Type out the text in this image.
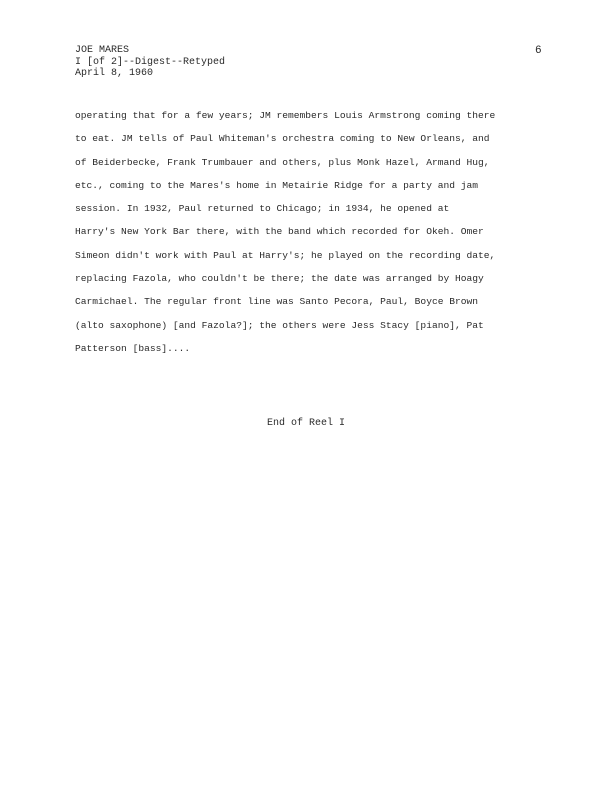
JOE MARES
I [of 2]--Digest--Retyped
April 8, 1960
6
operating that for a few years; JM remembers Louis Armstrong coming there
to eat. JM tells of Paul Whiteman's orchestra coming to New Orleans, and
of Beiderbecke, Frank Trumbauer and others, plus Monk Hazel, Armand Hug,
etc., coming to the Mares's home in Metairie Ridge for a party and jam
session. In 1932, Paul returned to Chicago; in 1934, he opened at
Harry's New York Bar there, with the band which recorded for Okeh. Omer
Simeon didn't work with Paul at Harry's; he played on the recording date,
replacing Fazola, who couldn't be there; the date was arranged by Hoagy
Carmichael. The regular front line was Santo Pecora, Paul, Boyce Brown
(alto saxophone) [and Fazola?]; the others were Jess Stacy [piano], Pat
Patterson [bass]....
End of Reel I
